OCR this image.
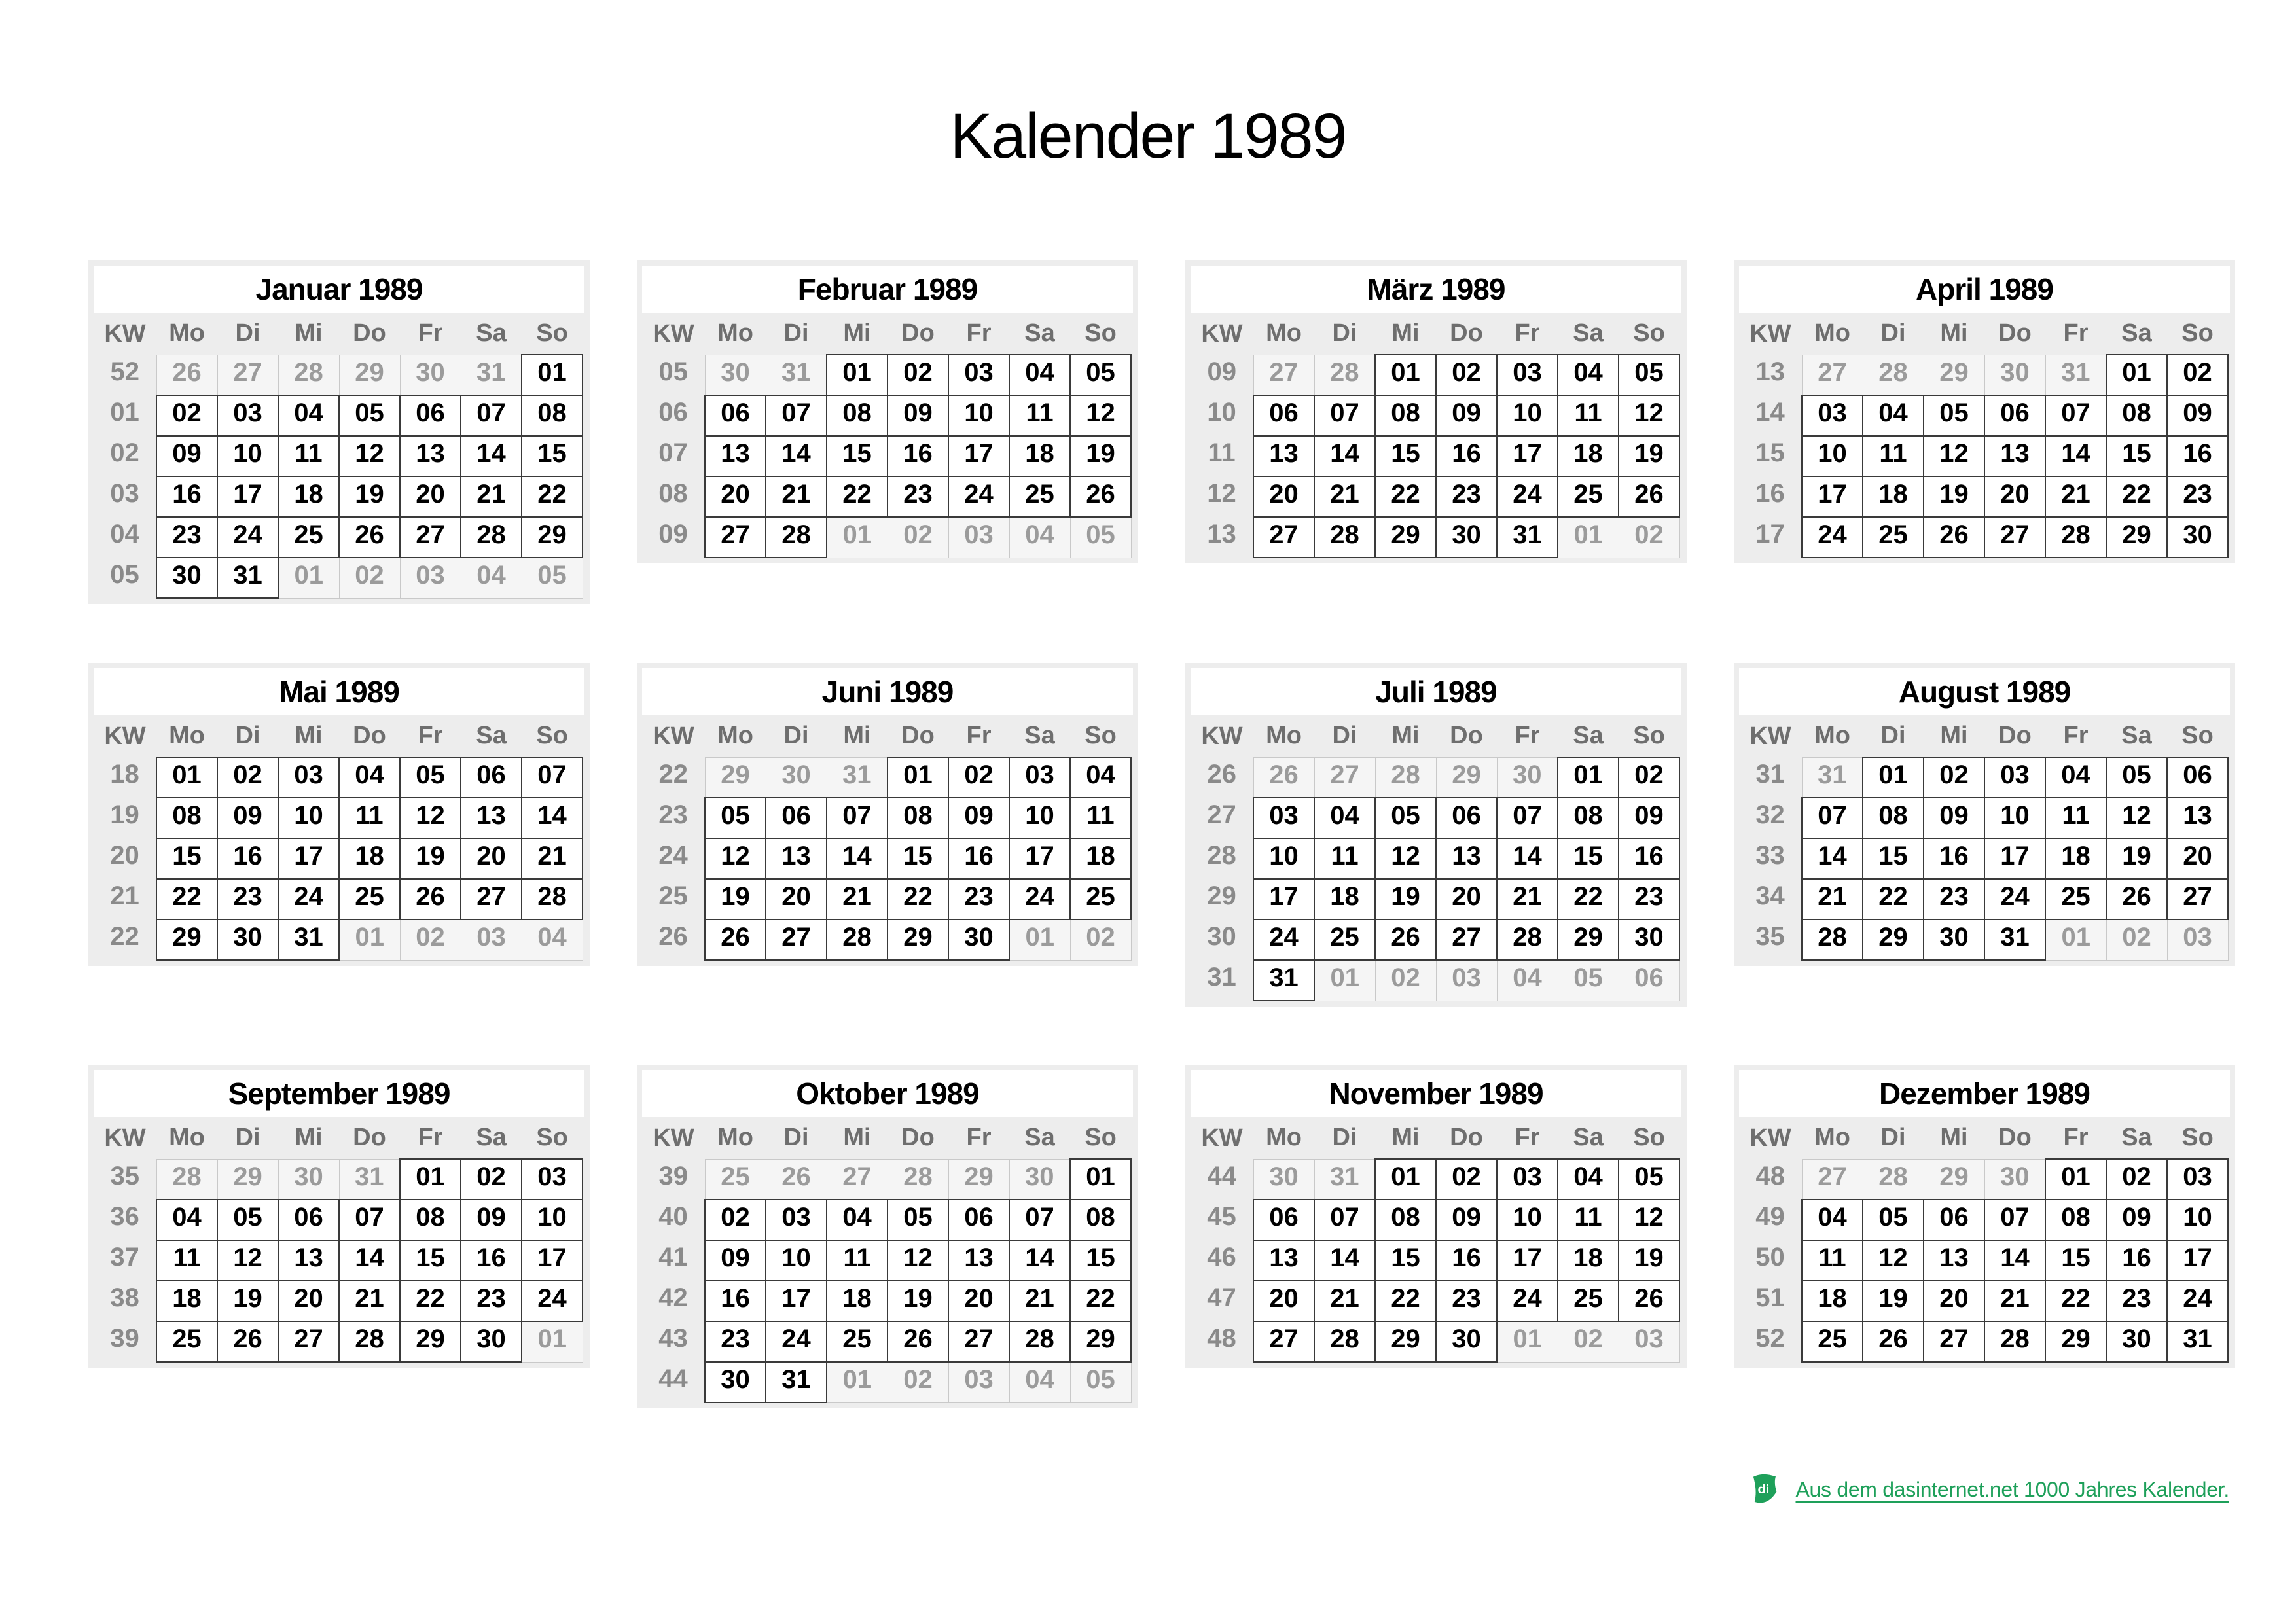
Kalender 1989
Januar 1989
KW	Mo	Di	Mi	Do	Fr	Sa	So
52	26	27	28	29	30	31	01
01	02	03	04	05	06	07	08
02	09	10	11	12	13	14	15
03	16	17	18	19	20	21	22
04	23	24	25	26	27	28	29
05	30	31	01	02	03	04	05
Februar 1989
KW	Mo	Di	Mi	Do	Fr	Sa	So
05	30	31	01	02	03	04	05
06	06	07	08	09	10	11	12
07	13	14	15	16	17	18	19
08	20	21	22	23	24	25	26
09	27	28	01	02	03	04	05
März 1989
KW	Mo	Di	Mi	Do	Fr	Sa	So
09	27	28	01	02	03	04	05
10	06	07	08	09	10	11	12
11	13	14	15	16	17	18	19
12	20	21	22	23	24	25	26
13	27	28	29	30	31	01	02
April 1989
KW	Mo	Di	Mi	Do	Fr	Sa	So
13	27	28	29	30	31	01	02
14	03	04	05	06	07	08	09
15	10	11	12	13	14	15	16
16	17	18	19	20	21	22	23
17	24	25	26	27	28	29	30
Mai 1989
KW	Mo	Di	Mi	Do	Fr	Sa	So
18	01	02	03	04	05	06	07
19	08	09	10	11	12	13	14
20	15	16	17	18	19	20	21
21	22	23	24	25	26	27	28
22	29	30	31	01	02	03	04
Juni 1989
KW	Mo	Di	Mi	Do	Fr	Sa	So
22	29	30	31	01	02	03	04
23	05	06	07	08	09	10	11
24	12	13	14	15	16	17	18
25	19	20	21	22	23	24	25
26	26	27	28	29	30	01	02
Juli 1989
KW	Mo	Di	Mi	Do	Fr	Sa	So
26	26	27	28	29	30	01	02
27	03	04	05	06	07	08	09
28	10	11	12	13	14	15	16
29	17	18	19	20	21	22	23
30	24	25	26	27	28	29	30
31	31	01	02	03	04	05	06
August 1989
KW	Mo	Di	Mi	Do	Fr	Sa	So
31	31	01	02	03	04	05	06
32	07	08	09	10	11	12	13
33	14	15	16	17	18	19	20
34	21	22	23	24	25	26	27
35	28	29	30	31	01	02	03
September 1989
KW	Mo	Di	Mi	Do	Fr	Sa	So
35	28	29	30	31	01	02	03
36	04	05	06	07	08	09	10
37	11	12	13	14	15	16	17
38	18	19	20	21	22	23	24
39	25	26	27	28	29	30	01
Oktober 1989
KW	Mo	Di	Mi	Do	Fr	Sa	So
39	25	26	27	28	29	30	01
40	02	03	04	05	06	07	08
41	09	10	11	12	13	14	15
42	16	17	18	19	20	21	22
43	23	24	25	26	27	28	29
44	30	31	01	02	03	04	05
November 1989
KW	Mo	Di	Mi	Do	Fr	Sa	So
44	30	31	01	02	03	04	05
45	06	07	08	09	10	11	12
46	13	14	15	16	17	18	19
47	20	21	22	23	24	25	26
48	27	28	29	30	01	02	03
Dezember 1989
KW	Mo	Di	Mi	Do	Fr	Sa	So
48	27	28	29	30	01	02	03
49	04	05	06	07	08	09	10
50	11	12	13	14	15	16	17
51	18	19	20	21	22	23	24
52	25	26	27	28	29	30	31
di Aus dem dasinternet.net 1000 Jahres Kalender.
